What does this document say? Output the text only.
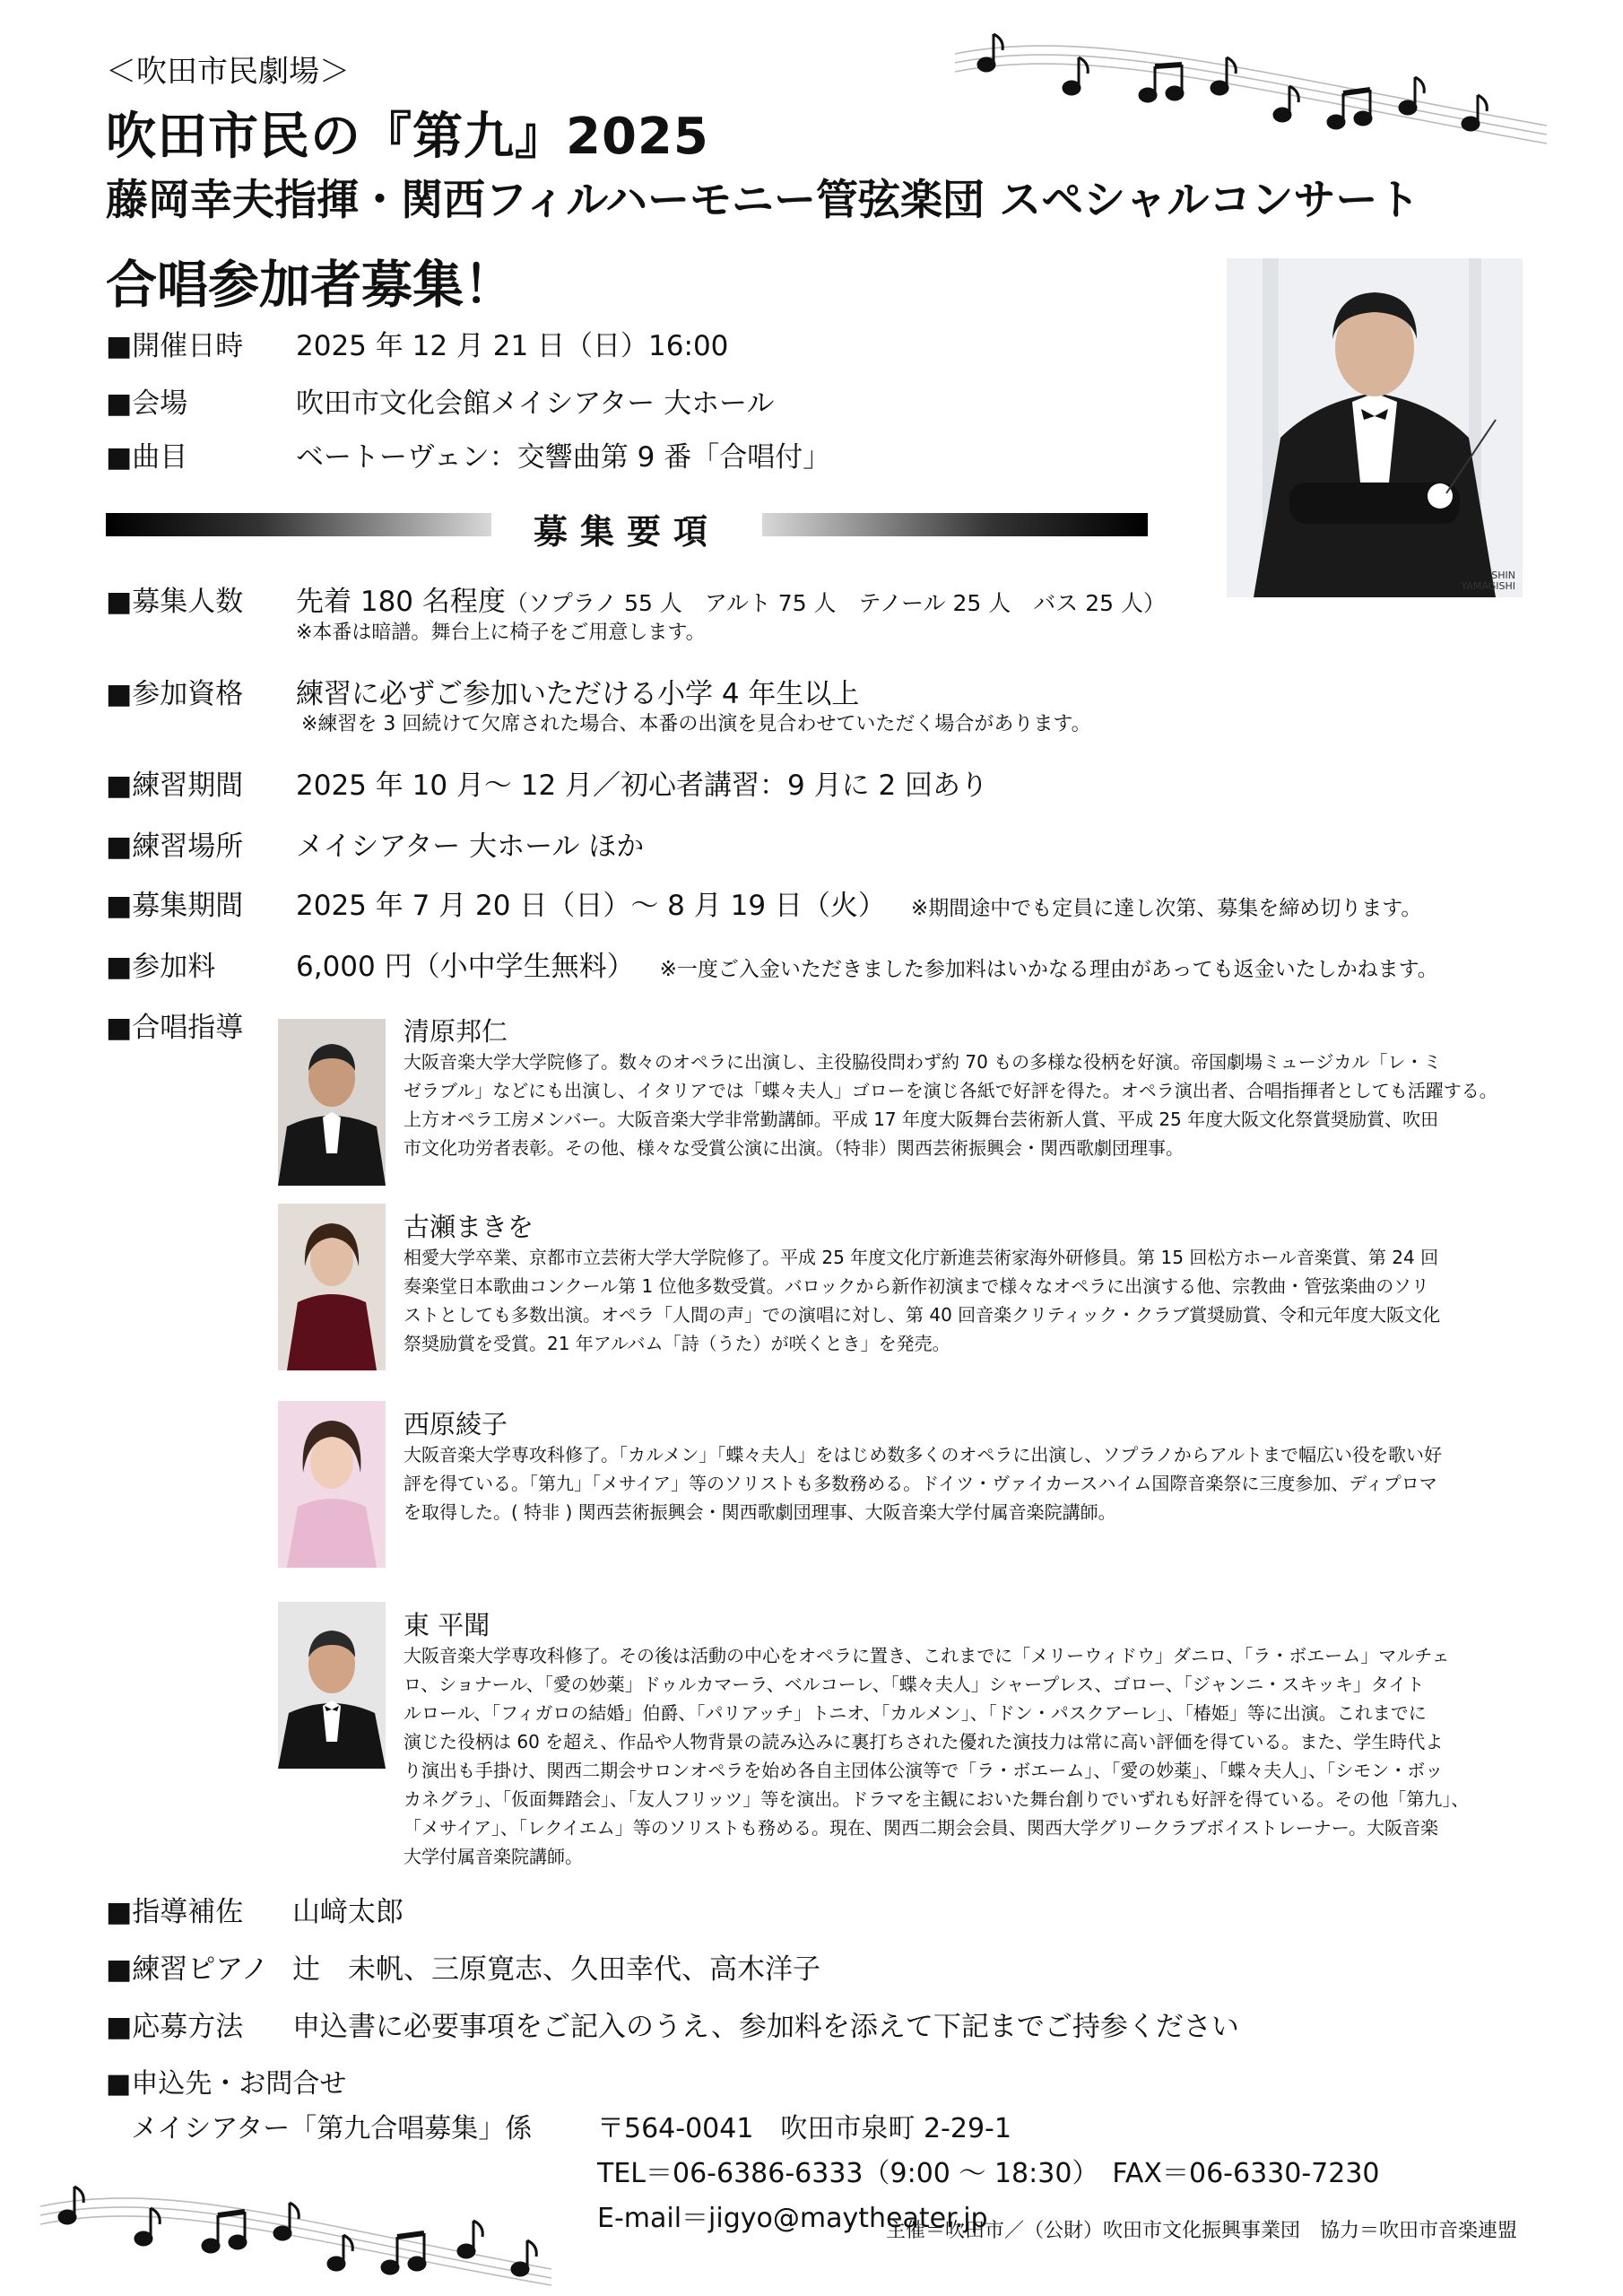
＜吹田市民劇場＞
吹田市民の『第九』2025
藤岡幸夫指揮・関西フィルハーモニー管弦楽団 スペシャルコンサート
合唱参加者募集！
SHIN
YAMAGISHI
■開催日時	2025 年 12 月 21 日（日）16:00
■会場	吹田市文化会館メイシアター 大ホール
■曲目	ベートーヴェン：交響曲第 9 番「合唱付」
募集要項
■募集人数	先着 180 名程度 （ソプラノ 55 人　アルト 75 人　テノール 25 人　バス 25 人）
※本番は暗譜。舞台上に椅子をご用意します。
■参加資格	練習に必ずご参加いただける小学 4 年生以上
※練習を 3 回続けて欠席された場合、本番の出演を見合わせていただく場合があります。
■練習期間	2025 年 10 月～ 12 月／初心者講習：9 月に 2 回あり
■練習場所	メイシアター 大ホール ほか
■募集期間	2025 年 7 月 20 日（日）～ 8 月 19 日（火） ※期間途中でも定員に達し次第、募集を締め切ります。
■参加料	6,000 円（小中学生無料） ※一度ご入金いただきました参加料はいかなる理由があっても返金いたしかねます。
■合唱指導	清原邦仁
大阪音楽大学大学院修了。数々のオペラに出演し、主役脇役問わず約 70 もの多様な役柄を好演。帝国劇場ミュージカル「レ・ミ
ゼラブル」などにも出演し、イタリアでは「蝶々夫人」ゴローを演じ各紙で好評を得た。オペラ演出者、合唱指揮者としても活躍する。
上方オペラ工房メンバー。大阪音楽大学非常勤講師。平成 17 年度大阪舞台芸術新人賞、平成 25 年度大阪文化祭賞奨励賞、吹田
市文化功労者表彰。その他、様々な受賞公演に出演。（特非）関西芸術振興会・関西歌劇団理事。
古瀬まきを
相愛大学卒業、京都市立芸術大学大学院修了。平成 25 年度文化庁新進芸術家海外研修員。第 15 回松方ホール音楽賞、第 24 回
奏楽堂日本歌曲コンクール第 1 位他多数受賞。バロックから新作初演まで様々なオペラに出演する他、宗教曲・管弦楽曲のソリ
ストとしても多数出演。オペラ「人間の声」での演唱に対し、第 40 回音楽クリティック・クラブ賞奨励賞、令和元年度大阪文化
祭奨励賞を受賞。21 年アルバム「詩（うた）が咲くとき」を発売。
西原綾子
大阪音楽大学専攻科修了。「カルメン」「蝶々夫人」をはじめ数多くのオペラに出演し、ソプラノからアルトまで幅広い役を歌い好
評を得ている。「第九」「メサイア」等のソリストも多数務める。ドイツ・ヴァイカースハイム国際音楽祭に三度参加、ディプロマ
を取得した。( 特非 ) 関西芸術振興会・関西歌劇団理事、大阪音楽大学付属音楽院講師。
東 平聞
大阪音楽大学専攻科修了。その後は活動の中心をオペラに置き、これまでに「メリーウィドウ」ダニロ、「ラ・ボエーム」マルチェ
ロ、ショナール、「愛の妙薬」ドゥルカマーラ、ベルコーレ、「蝶々夫人」シャープレス、ゴロー、「ジャンニ・スキッキ」タイト
ルロール、「フィガロの結婚」伯爵、「パリアッチ」トニオ、「カルメン」、「ドン・パスクアーレ」、「椿姫」等に出演。これまでに
演じた役柄は 60 を超え、作品や人物背景の読み込みに裏打ちされた優れた演技力は常に高い評価を得ている。また、学生時代よ
り演出も手掛け、関西二期会サロンオペラを始め各自主団体公演等で「ラ・ボエーム」、「愛の妙薬」、「蝶々夫人」、「シモン・ボッ
カネグラ」、「仮面舞踏会」、「友人フリッツ」等を演出。ドラマを主観においた舞台創りでいずれも好評を得ている。その他「第九」、
「メサイア」、「レクイエム」等のソリストも務める。現在、関西二期会会員、関西大学グリークラブボイストレーナー。大阪音楽
大学付属音楽院講師。
■指導補佐	山﨑太郎
■練習ピアノ 辻　未帆、三原寛志、久田幸代、高木洋子
■応募方法	申込書に必要事項をご記入のうえ、参加料を添えて下記までご持参ください
■申込先・お問合せ
メイシアター「第九合唱募集」係 〒564-0041　吹田市泉町 2-29-1
TEL＝06-6386-6333（9:00 ～ 18:30）　FAX＝06-6330-7230
E-mail＝jigyo@maytheater.jp
主催＝吹田市／（公財）吹田市文化振興事業団　協力＝吹田市音楽連盟
